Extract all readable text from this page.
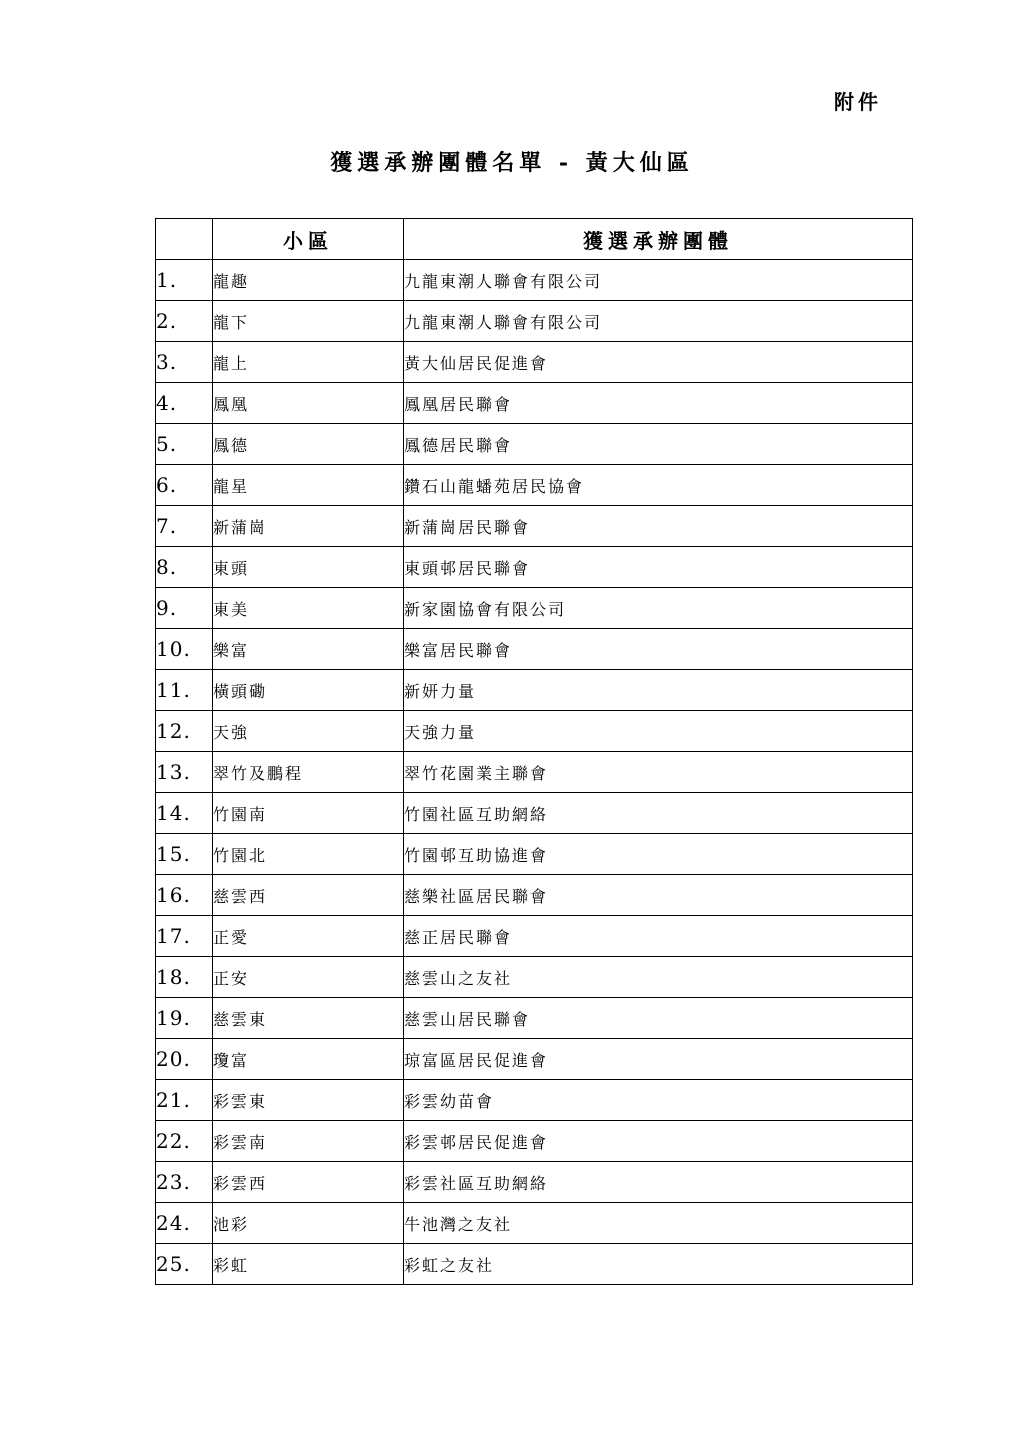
附件
獲選承辦團體名單 - 黃大仙區
	小區	獲選承辦團體
1.	龍趣	九龍東潮人聯會有限公司
2.	龍下	九龍東潮人聯會有限公司
3.	龍上	黃大仙居民促進會
4.	鳳凰	鳳凰居民聯會
5.	鳳德	鳳德居民聯會
6.	龍星	鑽石山龍蟠苑居民協會
7.	新蒲崗	新蒲崗居民聯會
8.	東頭	東頭邨居民聯會
9.	東美	新家園協會有限公司
10.	樂富	樂富居民聯會
11.	橫頭磡	新妍力量
12.	天強	天強力量
13.	翠竹及鵬程	翠竹花園業主聯會
14.	竹園南	竹園社區互助網絡
15.	竹園北	竹園邨互助協進會
16.	慈雲西	慈樂社區居民聯會
17.	正愛	慈正居民聯會
18.	正安	慈雲山之友社
19.	慈雲東	慈雲山居民聯會
20.	瓊富	琼富區居民促進會
21.	彩雲東	彩雲幼苗會
22.	彩雲南	彩雲邨居民促進會
23.	彩雲西	彩雲社區互助網絡
24.	池彩	牛池灣之友社
25.	彩虹	彩虹之友社
